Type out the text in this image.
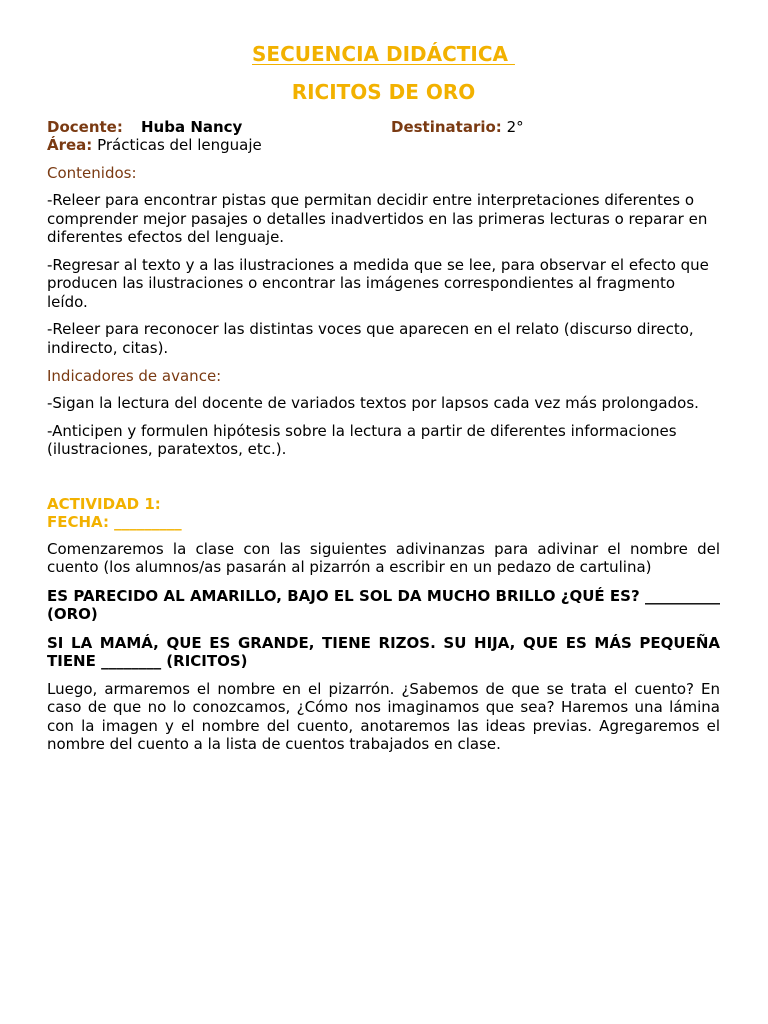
SECUENCIA DIDÁCTICA
RICITOS DE ORO
Docente: Huba Nancy	Destinatario: 2°
Área: Prácticas del lenguaje
Contenidos:

-Releer para encontrar pistas que permitan decidir entre interpretaciones diferentes o comprender mejor pasajes o detalles inadvertidos en las primeras lecturas o reparar en diferentes efectos del lenguaje.

-Regresar al texto y a las ilustraciones a medida que se lee, para observar el efecto que producen las ilustraciones o encontrar las imágenes correspondientes al fragmento leído.

-Releer para reconocer las distintas voces que aparecen en el relato (discurso directo, indirecto, citas).

Indicadores de avance:

-Sigan la lectura del docente de variados textos por lapsos cada vez más prolongados.

-Anticipen y formulen hipótesis sobre la lectura a partir de diferentes informaciones (ilustraciones, paratextos, etc.).

ACTIVIDAD 1:
FECHA: _________

Comenzaremos la clase con las siguientes adivinanzas para adivinar el nombre del cuento (los alumnos/as pasarán al pizarrón a escribir en un pedazo de cartulina)

ES PARECIDO AL AMARILLO, BAJO EL SOL DA MUCHO BRILLO ¿QUÉ ES? __________ (ORO)

SI LA MAMÁ, QUE ES GRANDE, TIENE RIZOS. SU HIJA, QUE ES MÁS PEQUEÑA TIENE ________ (RICITOS)

Luego, armaremos el nombre en el pizarrón. ¿Sabemos de que se trata el cuento? En caso de que no lo conozcamos, ¿Cómo nos imaginamos que sea? Haremos una lámina con la imagen y el nombre del cuento, anotaremos las ideas previas. Agregaremos el nombre del cuento a la lista de cuentos trabajados en clase.
